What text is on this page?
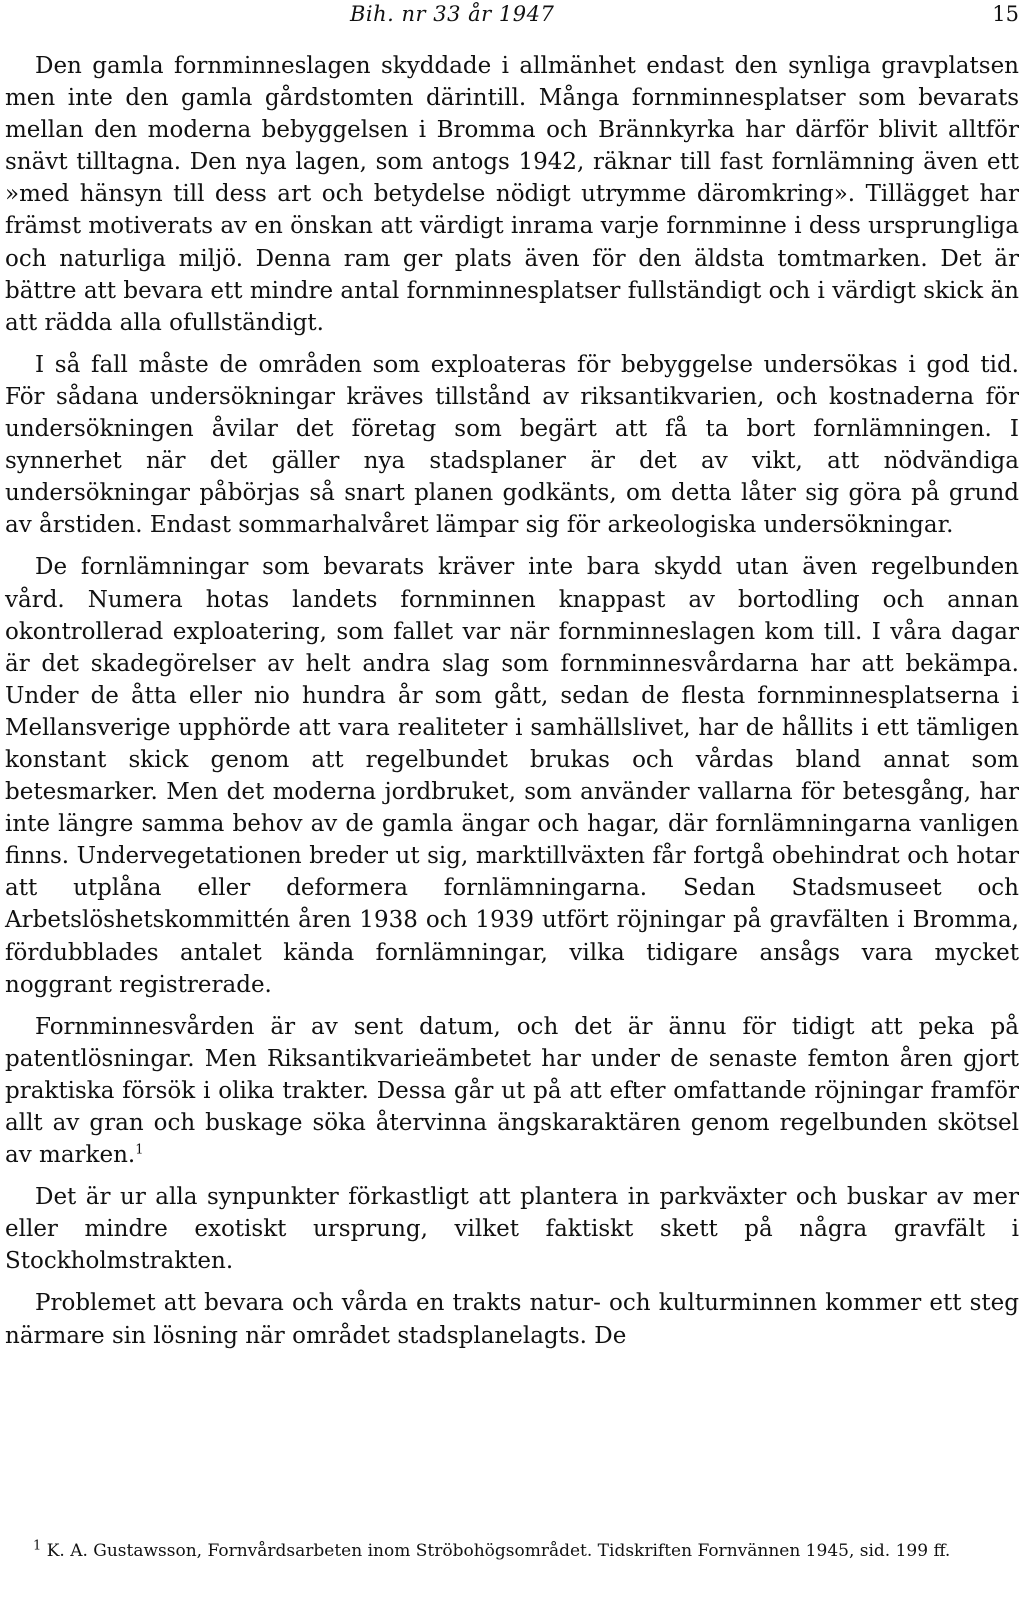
Bih. nr 33 år 1947	15

Den gamla fornminneslagen skyddade i allmänhet endast den synliga gravplatsen men inte den gamla gårdstomten därintill. Många fornminnesplatser som bevarats mellan den moderna bebyggelsen i Bromma och Brännkyrka har därför blivit alltför snävt tilltagna. Den nya lagen, som antogs 1942, räknar till fast fornlämning även ett »med hänsyn till dess art och betydelse nödigt utrymme däromkring». Tillägget har främst motiverats av en önskan att värdigt inrama varje fornminne i dess ursprungliga och naturliga miljö. Denna ram ger plats även för den äldsta tomtmarken. Det är bättre att bevara ett mindre antal fornminnesplatser fullständigt och i värdigt skick än att rädda alla ofullständigt.

I så fall måste de områden som exploateras för bebyggelse undersökas i god tid. För sådana undersökningar kräves tillstånd av riksantikvarien, och kostnaderna för undersökningen åvilar det företag som begärt att få ta bort fornlämningen. I synnerhet när det gäller nya stadsplaner är det av vikt, att nödvändiga undersökningar påbörjas så snart planen godkänts, om detta låter sig göra på grund av årstiden. Endast sommarhalvåret lämpar sig för arkeologiska undersökningar.

De fornlämningar som bevarats kräver inte bara skydd utan även regelbunden vård. Numera hotas landets fornminnen knappast av bortodling och annan okontrollerad exploatering, som fallet var när fornminneslagen kom till. I våra dagar är det skadegörelser av helt andra slag som fornminnesvårdarna har att bekämpa. Under de åtta eller nio hundra år som gått, sedan de flesta fornminnesplatserna i Mellansverige upphörde att vara realiteter i samhällslivet, har de hållits i ett tämligen konstant skick genom att regelbundet brukas och vårdas bland annat som betesmarker. Men det moderna jordbruket, som använder vallarna för betesgång, har inte längre samma behov av de gamla ängar och hagar, där fornlämningarna vanligen finns. Undervegetationen breder ut sig, marktillväxten får fortgå obehindrat och hotar att utplåna eller deformera fornlämningarna. Sedan Stadsmuseet och Arbetslöshetskommittén åren 1938 och 1939 utfört röjningar på gravfälten i Bromma, fördubblades antalet kända fornlämningar, vilka tidigare ansågs vara mycket noggrant registrerade.

Fornminnesvården är av sent datum, och det är ännu för tidigt att peka på patentlösningar. Men Riksantikvarieämbetet har under de senaste femton åren gjort praktiska försök i olika trakter. Dessa går ut på att efter omfattande röjningar framför allt av gran och buskage söka återvinna ängskaraktären genom regelbunden skötsel av marken.$^1$

Det är ur alla synpunkter förkastligt att plantera in parkväxter och buskar av mer eller mindre exotiskt ursprung, vilket faktiskt skett på några gravfält i Stockholmstrakten.

Problemet att bevara och vårda en trakts natur- och kulturminnen kommer ett steg närmare sin lösning när området stadsplanelagts. De

$^1$ K. A. Gustawsson, Fornvårdsarbeten inom Ströbohögsområdet. Tidskriften Fornvännen 1945, sid. 199 ff.
